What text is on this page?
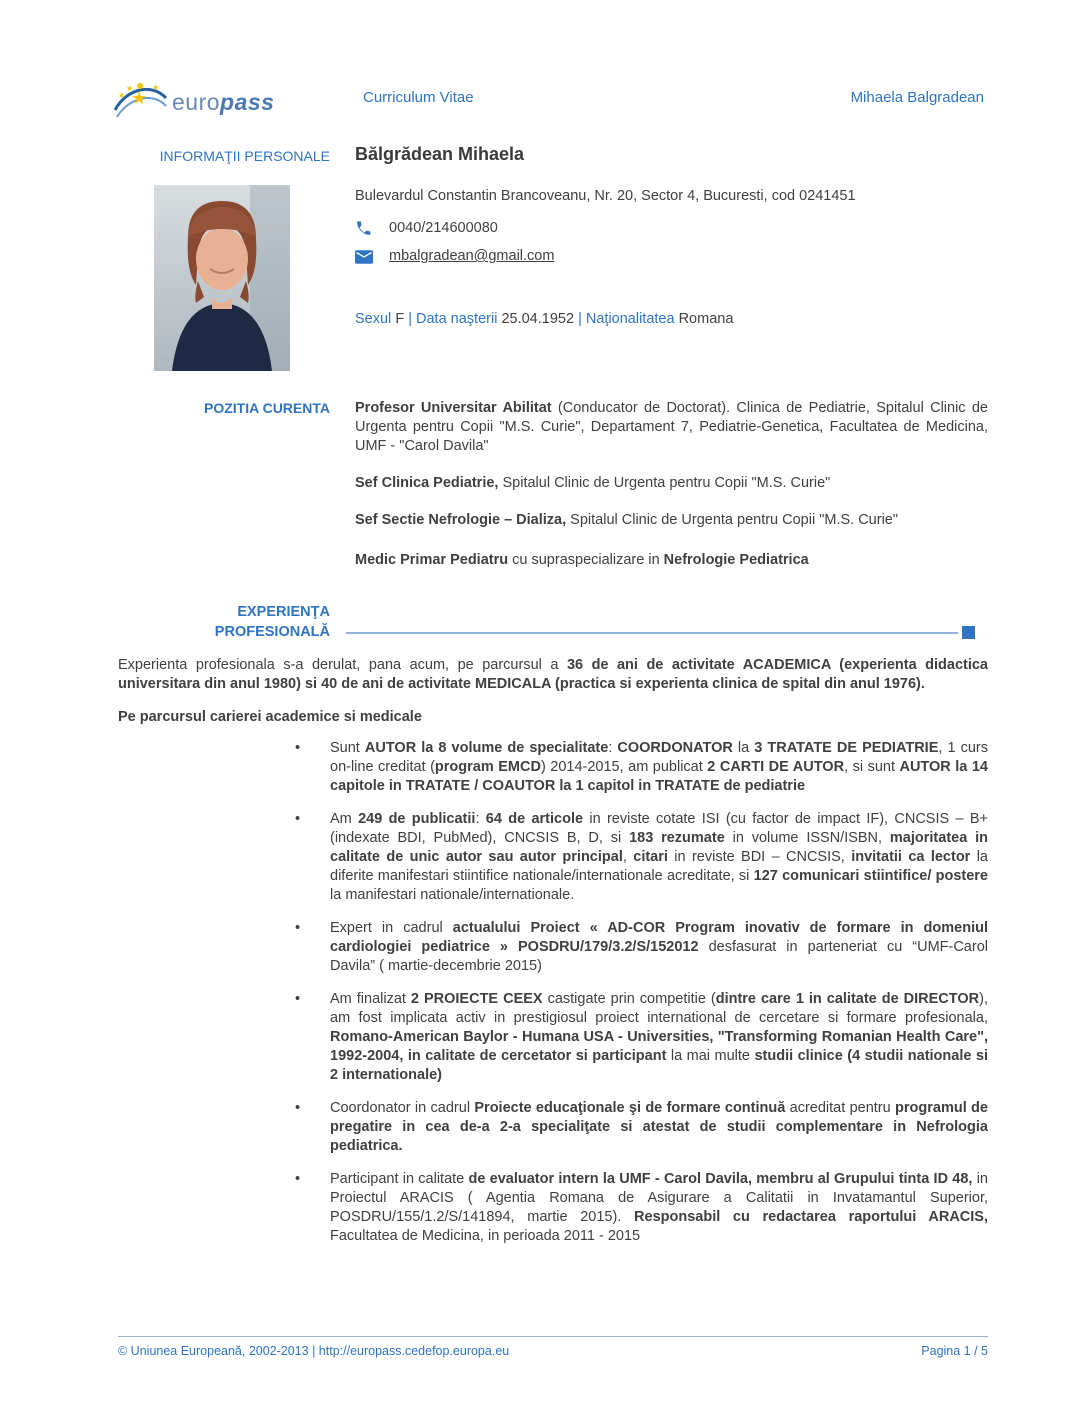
★
★ ★
★ europass	Curriculum Vitae	Mihaela Balgradean
INFORMAŢII PERSONALE Bălgrădean Mihaela
Bulevardul Constantin Brancoveanu, Nr. 20, Sector 4, Bucuresti, cod 0241451
0040/214600080
mbalgradean@gmail.com
Sexul F | Data naşterii 25.04.1952 | Naţionalitatea Romana
POZITIA CURENTA Profesor Universitar Abilitat (Conducator de Doctorat). Clinica de Pediatrie, Spitalul Clinic de Urgenta pentru Copii "M.S. Curie", Departament 7, Pediatrie-Genetica, Facultatea de Medicina, UMF - "Carol Davila"
Sef Clinica Pediatrie, Spitalul Clinic de Urgenta pentru Copii "M.S. Curie"
Sef Sectie Nefrologie – Dializa, Spitalul Clinic de Urgenta pentru Copii "M.S. Curie"
Medic Primar Pediatru cu supraspecializare in Nefrologie Pediatrica
EXPERIENŢA
PROFESIONALĂ
Experienta profesionala s-a derulat, pana acum, pe parcursul a 36 de ani de activitate ACADEMICA (experienta didactica universitara din anul 1980) si 40 de ani de activitate MEDICALA (practica si experienta clinica de spital din anul 1976).
Pe parcursul carierei academice si medicale
• Sunt AUTOR la 8 volume de specialitate: COORDONATOR la 3 TRATATE DE PEDIATRIE, 1 curs on-line creditat (program EMCD) 2014-2015, am publicat 2 CARTI DE AUTOR, si sunt AUTOR la 14 capitole in TRATATE / COAUTOR la 1 capitol in TRATATE de pediatrie
• Am 249 de publicatii: 64 de articole in reviste cotate ISI (cu factor de impact IF), CNCSIS – B+ (indexate BDI, PubMed), CNCSIS B, D, si 183 rezumate in volume ISSN/ISBN, majoritatea in calitate de unic autor sau autor principal, citari in reviste BDI – CNCSIS, invitatii ca lector la diferite manifestari stiintifice nationale/internationale acreditate, si 127 comunicari stiintifice/ postere la manifestari nationale/internationale.
• Expert in cadrul actualului Proiect « AD-COR Program inovativ de formare in domeniul cardiologiei pediatrice » POSDRU/179/3.2/S/152012 desfasurat in parteneriat cu “UMF-Carol Davila” ( martie-decembrie 2015)
• Am finalizat 2 PROIECTE CEEX castigate prin competitie (dintre care 1 in calitate de DIRECTOR), am fost implicata activ in prestigiosul proiect international de cercetare si formare profesionala, Romano-American Baylor - Humana USA - Universities, "Transforming Romanian Health Care", 1992-2004, in calitate de cercetator si participant la mai multe studii clinice (4 studii nationale si 2 internationale)
• Coordonator in cadrul Proiecte educaţionale şi de formare continuă acreditat pentru programul de pregatire in cea de-a 2-a specialiţate si atestat de studii complementare in Nefrologia pediatrica.
• Participant in calitate de evaluator intern la UMF - Carol Davila, membru al Grupului tinta ID 48, in Proiectul ARACIS ( Agentia Romana de Asigurare a Calitatii in Invatamantul Superior, POSDRU/155/1.2/S/141894, martie 2015). Responsabil cu redactarea raportului ARACIS, Facultatea de Medicina, in perioada 2011 - 2015
© Uniunea Europeană, 2002-2013 | http://europass.cedefop.europa.eu	Pagina 1 / 5
